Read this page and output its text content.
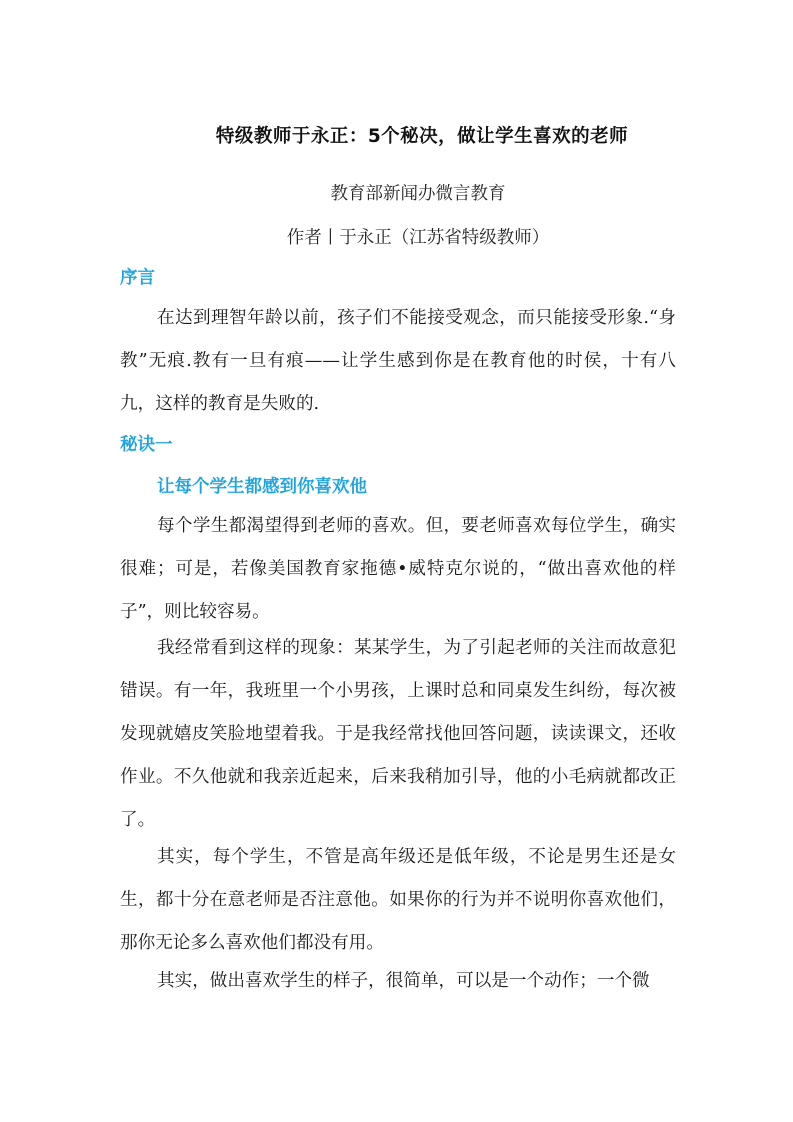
特级教师于永正：5个秘决，做让学生喜欢的老师
教育部新闻办微言教育
作者丨于永正（江苏省特级教师）
序言
在达到理智年龄以前，孩子们不能接受观念，而只能接受形象.“身教”无痕.教有一旦有痕——让学生感到你是在教育他的时侯，十有八九，这样的教育是失败的.
秘诀一
让每个学生都感到你喜欢他
每个学生都渴望得到老师的喜欢。但，要老师喜欢每位学生，确实很难；可是，若像美国教育家拖德•威特克尔说的，“做出喜欢他的样子”，则比较容易。
我经常看到这样的现象：某某学生，为了引起老师的关注而故意犯错误。有一年，我班里一个小男孩，上课时总和同桌发生纠纷，每次被发现就嬉皮笑脸地望着我。于是我经常找他回答问题，读读课文，还收作业。不久他就和我亲近起来，后来我稍加引导，他的小毛病就都改正了。
其实，每个学生，不管是高年级还是低年级，不论是男生还是女生，都十分在意老师是否注意他。如果你的行为并不说明你喜欢他们，那你无论多么喜欢他们都没有用。
其实，做出喜欢学生的样子，很简单，可以是一个动作；一个微
